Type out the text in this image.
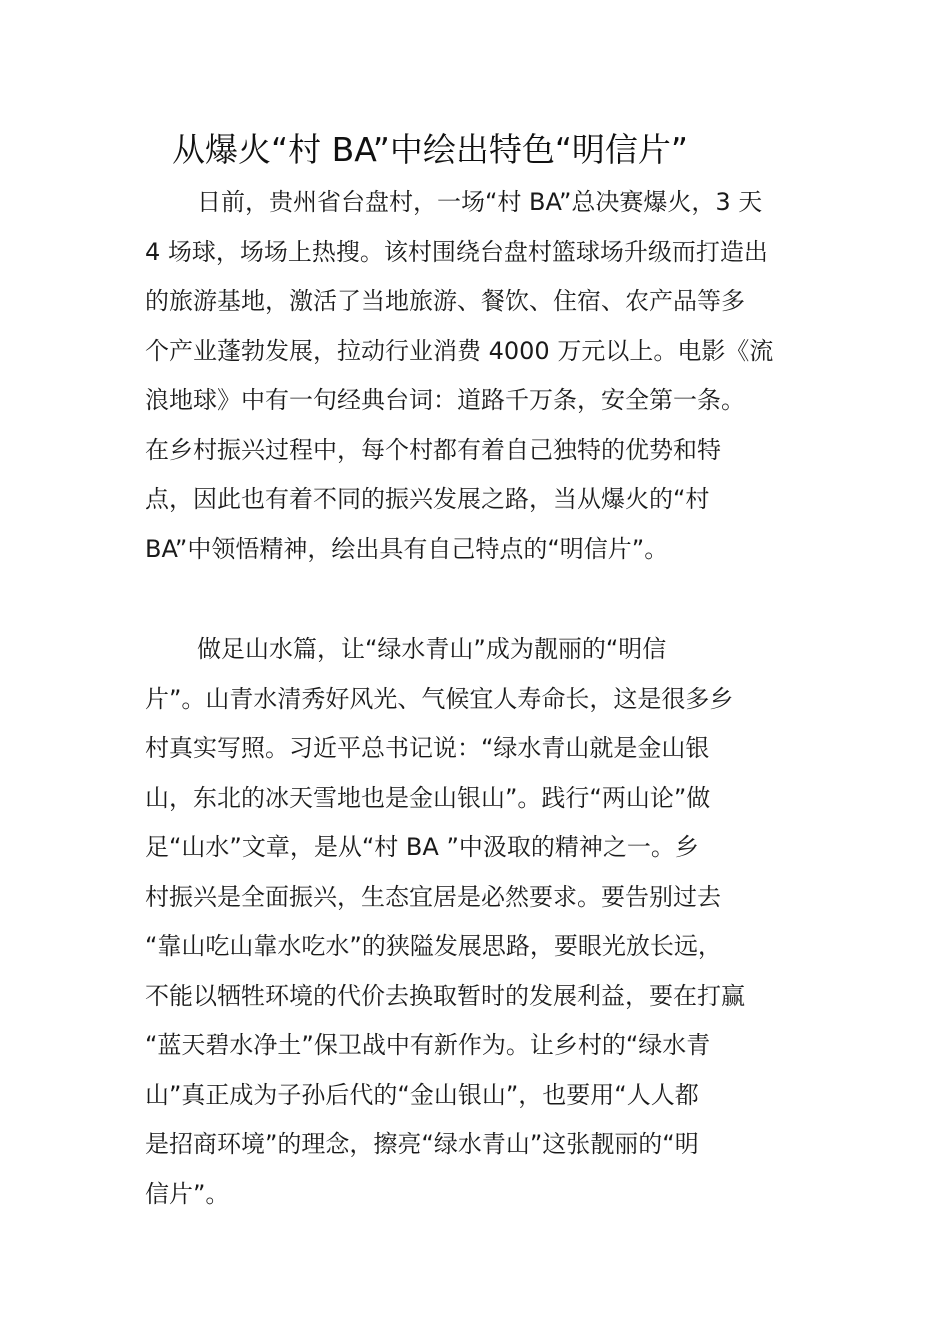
从爆火“村 BA”中绘出特色“明信片”
日前，贵州省台盘村，一场“村 BA”总决赛爆火，3 天
4 场球，场场上热搜。该村围绕台盘村篮球场升级而打造出
的旅游基地，激活了当地旅游、餐饮、住宿、农产品等多
个产业蓬勃发展，拉动行业消费 4000 万元以上。电影《流
浪地球》中有一句经典台词：道路千万条，安全第一条。
在乡村振兴过程中，每个村都有着自己独特的优势和特
点，因此也有着不同的振兴发展之路，当从爆火的“村
BA”中领悟精神，绘出具有自己特点的“明信片”。
做足山水篇，让“绿水青山”成为靓丽的“明信
片”。山青水清秀好风光、气候宜人寿命长，这是很多乡
村真实写照。习近平总书记说：“绿水青山就是金山银
山，东北的冰天雪地也是金山银山”。践行“两山论”做
足“山水”文章，是从“村 BA ”中汲取的精神之一。乡
村振兴是全面振兴，生态宜居是必然要求。要告别过去
“靠山吃山靠水吃水”的狭隘发展思路，要眼光放长远，
不能以牺牲环境的代价去换取暂时的发展利益，要在打赢
“蓝天碧水净土”保卫战中有新作为。让乡村的“绿水青
山”真正成为子孙后代的“金山银山”，也要用“人人都
是招商环境”的理念，擦亮“绿水青山”这张靓丽的“明
信片”。
